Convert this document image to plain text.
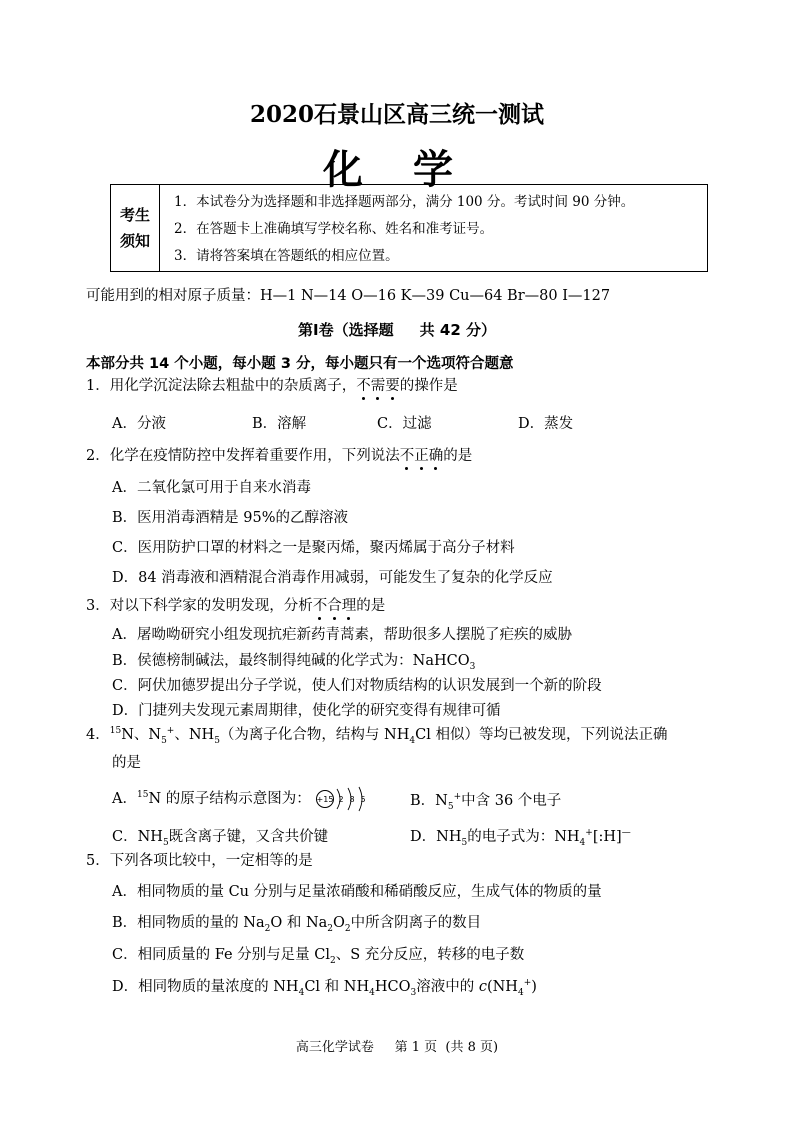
2020石景山区高三统一测试
化 学
考生
须知
1．本试卷分为选择题和非选择题两部分，满分 100 分。考试时间 90 分钟。
2．在答题卡上准确填写学校名称、姓名和准考证号。
3．请将答案填在答题纸的相应位置。
可能用到的相对原子质量：H—1 N—14 O—16 K—39 Cu—64 Br—80 I—127
第Ⅰ卷（选择题     共 42 分）
本部分共 14 个小题，每小题 3 分，每小题只有一个选项符合题意
1．用化学沉淀法除去粗盐中的杂质离子，不需要的操作是
A．分液	B．溶解	C．过滤	D．蒸发
2．化学在疫情防控中发挥着重要作用，下列说法不正确的是
A．二氧化氯可用于自来水消毒
B．医用消毒酒精是 95%的乙醇溶液
C．医用防护口罩的材料之一是聚丙烯，聚丙烯属于高分子材料
D．84 消毒液和酒精混合消毒作用减弱，可能发生了复杂的化学反应
3．对以下科学家的发明发现，分析不合理的是
A．屠呦呦研究小组发现抗疟新药青蒿素，帮助很多人摆脱了疟疾的威胁
B．侯德榜制碱法，最终制得纯碱的化学式为：NaHCO$_3$
C．阿伏加德罗提出分子学说，使人们对物质结构的认识发展到一个新的阶段
D．门捷列夫发现元素周期律，使化学的研究变得有规律可循
4．$^{15}$N、$N_5^+$、$NH_5$（为离子化合物，结构与 $NH_4Cl$ 相似）等均已被发现，下列说法正确
的是
A．$^{15}$N 的原子结构示意图为： +15 2 8 5	B．$N_5^+$中含 36 个电子
C．$NH_5$既含离子键，又含共价键	D．$NH_5$的电子式为：$NH_4^+[:H]^—$
5．下列各项比较中，一定相等的是
A．相同物质的量 Cu 分别与足量浓硝酸和稀硝酸反应，生成气体的物质的量
B．相同物质的量的 $Na_2O$ 和 $Na_2O_2$中所含阴离子的数目
C．相同质量的 Fe 分别与足量 $Cl_2$、S 充分反应，转移的电子数
D．相同物质的量浓度的 $NH_4Cl$ 和 $NH_4HCO_3$溶液中的 $c(NH_4^+)$
高三化学试卷     第 1 页  (共 8 页)
